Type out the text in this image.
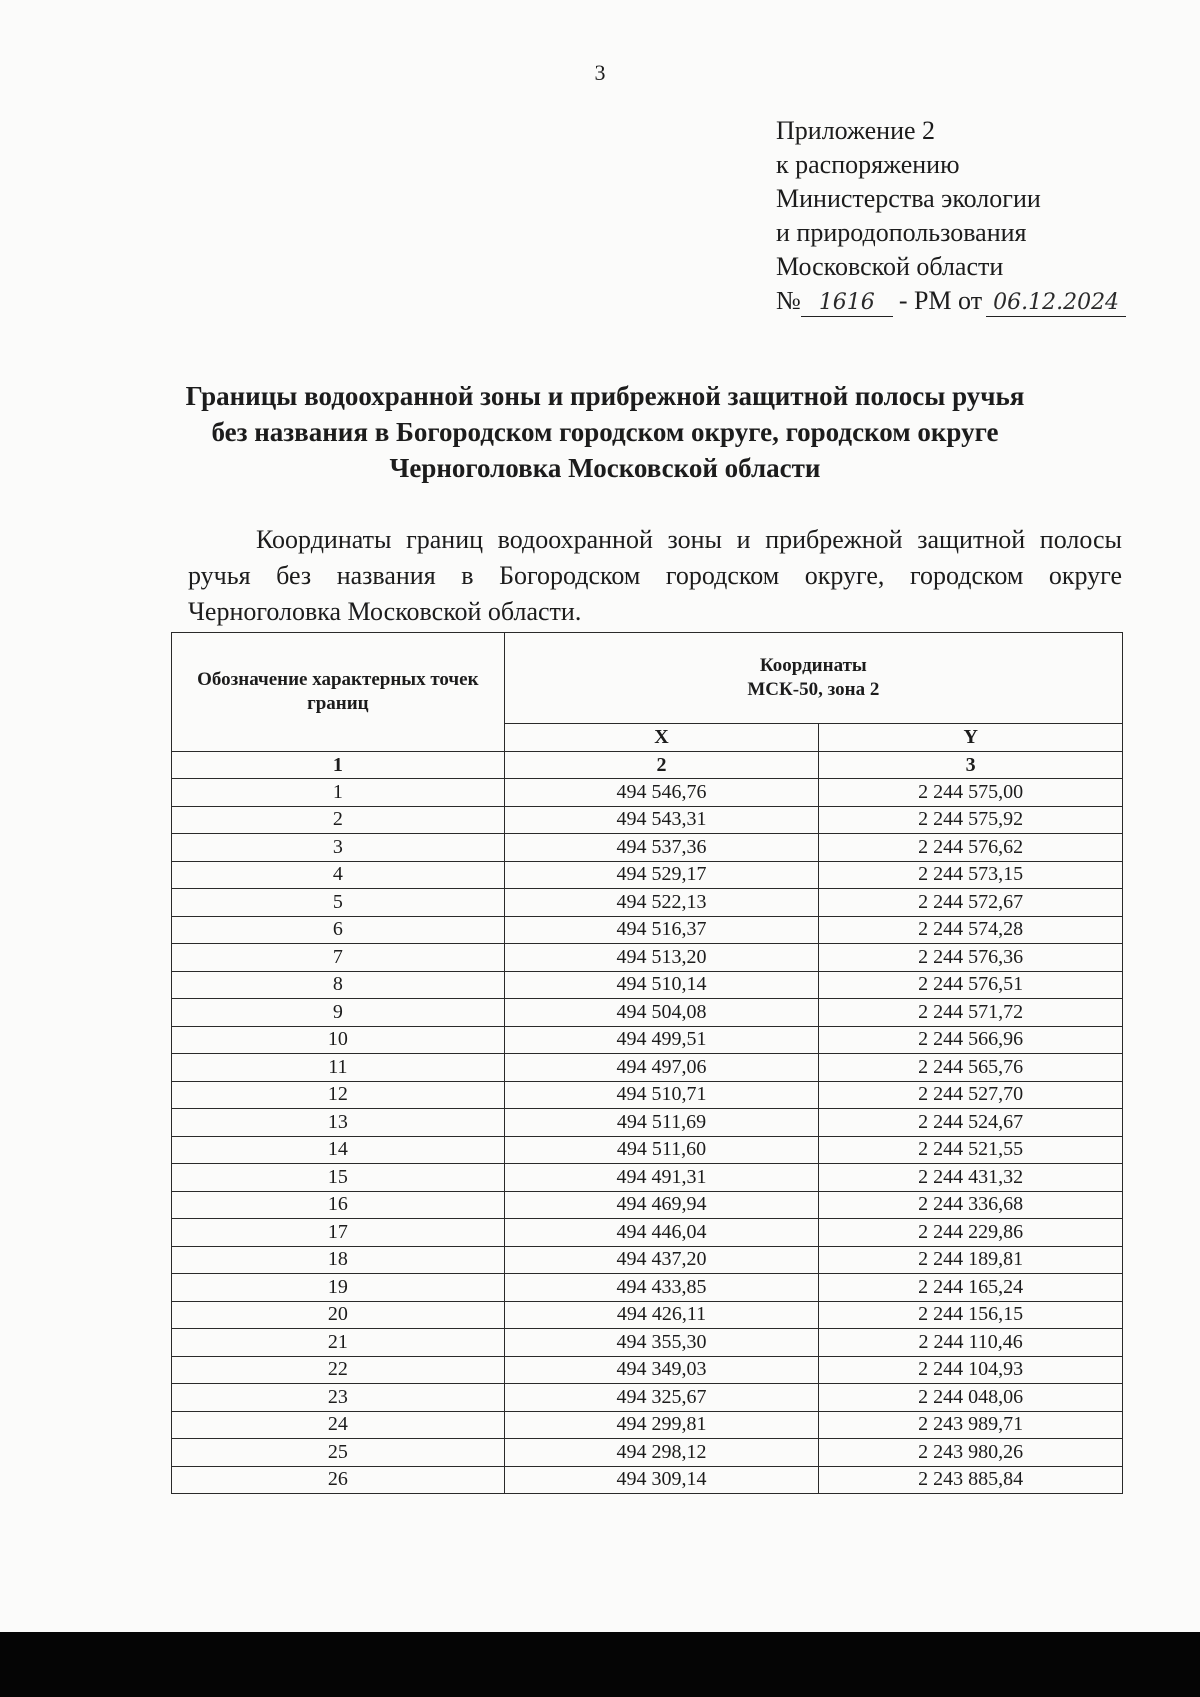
3
Приложение 2
к распоряжению
Министерства экологии
и природопользования
Московской области
№ 1616 - РМ от 06.12.2024
Границы водоохранной зоны и прибрежной защитной полосы ручья
без названия в Богородском городском округе, городском округе
Черноголовка Московской области
Координаты границ водоохранной зоны и прибрежной защитной полосы ручья без названия в Богородском городском округе, городском округе Черноголовка Московской области.
Обозначение характерных точек границ	Координаты
МСК-50, зона 2	

	X	Y
1	2	3
1	494 546,76	2 244 575,00
2	494 543,31	2 244 575,92
3	494 537,36	2 244 576,62
4	494 529,17	2 244 573,15
5	494 522,13	2 244 572,67
6	494 516,37	2 244 574,28
7	494 513,20	2 244 576,36
8	494 510,14	2 244 576,51
9	494 504,08	2 244 571,72
10	494 499,51	2 244 566,96
11	494 497,06	2 244 565,76
12	494 510,71	2 244 527,70
13	494 511,69	2 244 524,67
14	494 511,60	2 244 521,55
15	494 491,31	2 244 431,32
16	494 469,94	2 244 336,68
17	494 446,04	2 244 229,86
18	494 437,20	2 244 189,81
19	494 433,85	2 244 165,24
20	494 426,11	2 244 156,15
21	494 355,30	2 244 110,46
22	494 349,03	2 244 104,93
23	494 325,67	2 244 048,06
24	494 299,81	2 243 989,71
25	494 298,12	2 243 980,26
26	494 309,14	2 243 885,84
